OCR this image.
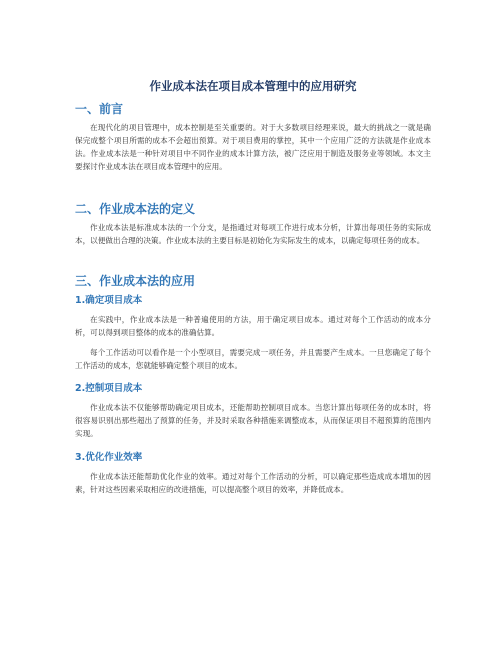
作业成本法在项目成本管理中的应用研究
一、前言

在现代化的项目管理中，成本控制是至关重要的。对于大多数项目经理来说，最大的挑战之一就是确保完成整个项目所需的成本不会超出预算。对于项目费用的掌控，其中一个应用广泛的方法就是作业成本法。作业成本法是一种针对项目中不同作业的成本计算方法，被广泛应用于制造及服务业等领域。本文主要探讨作业成本法在项目成本管理中的应用。

二、作业成本法的定义

作业成本法是标准成本法的一个分支，是指通过对每项工作进行成本分析，计算出每项任务的实际成本，以便做出合理的决策。作业成本法的主要目标是初始化为实际发生的成本，以确定每项任务的成本。

三、作业成本法的应用
1.确定项目成本

在实践中，作业成本法是一种普遍使用的方法，用于确定项目成本。通过对每个工作活动的成本分析，可以得到项目整体的成本的准确估算。

每个工作活动可以看作是一个小型项目，需要完成一项任务，并且需要产生成本。一旦您确定了每个工作活动的成本，您就能够确定整个项目的成本。

2.控制项目成本

作业成本法不仅能够帮助确定项目成本，还能帮助控制项目成本。当您计算出每项任务的成本时，将很容易识别出那些超出了预算的任务，并及时采取各种措施来调整成本，从而保证项目不超预算的范围内实现。

3.优化作业效率

作业成本法还能帮助优化作业的效率。通过对每个工作活动的分析，可以确定那些造成成本增加的因素，针对这些因素采取相应的改进措施，可以提高整个项目的效率，并降低成本。
